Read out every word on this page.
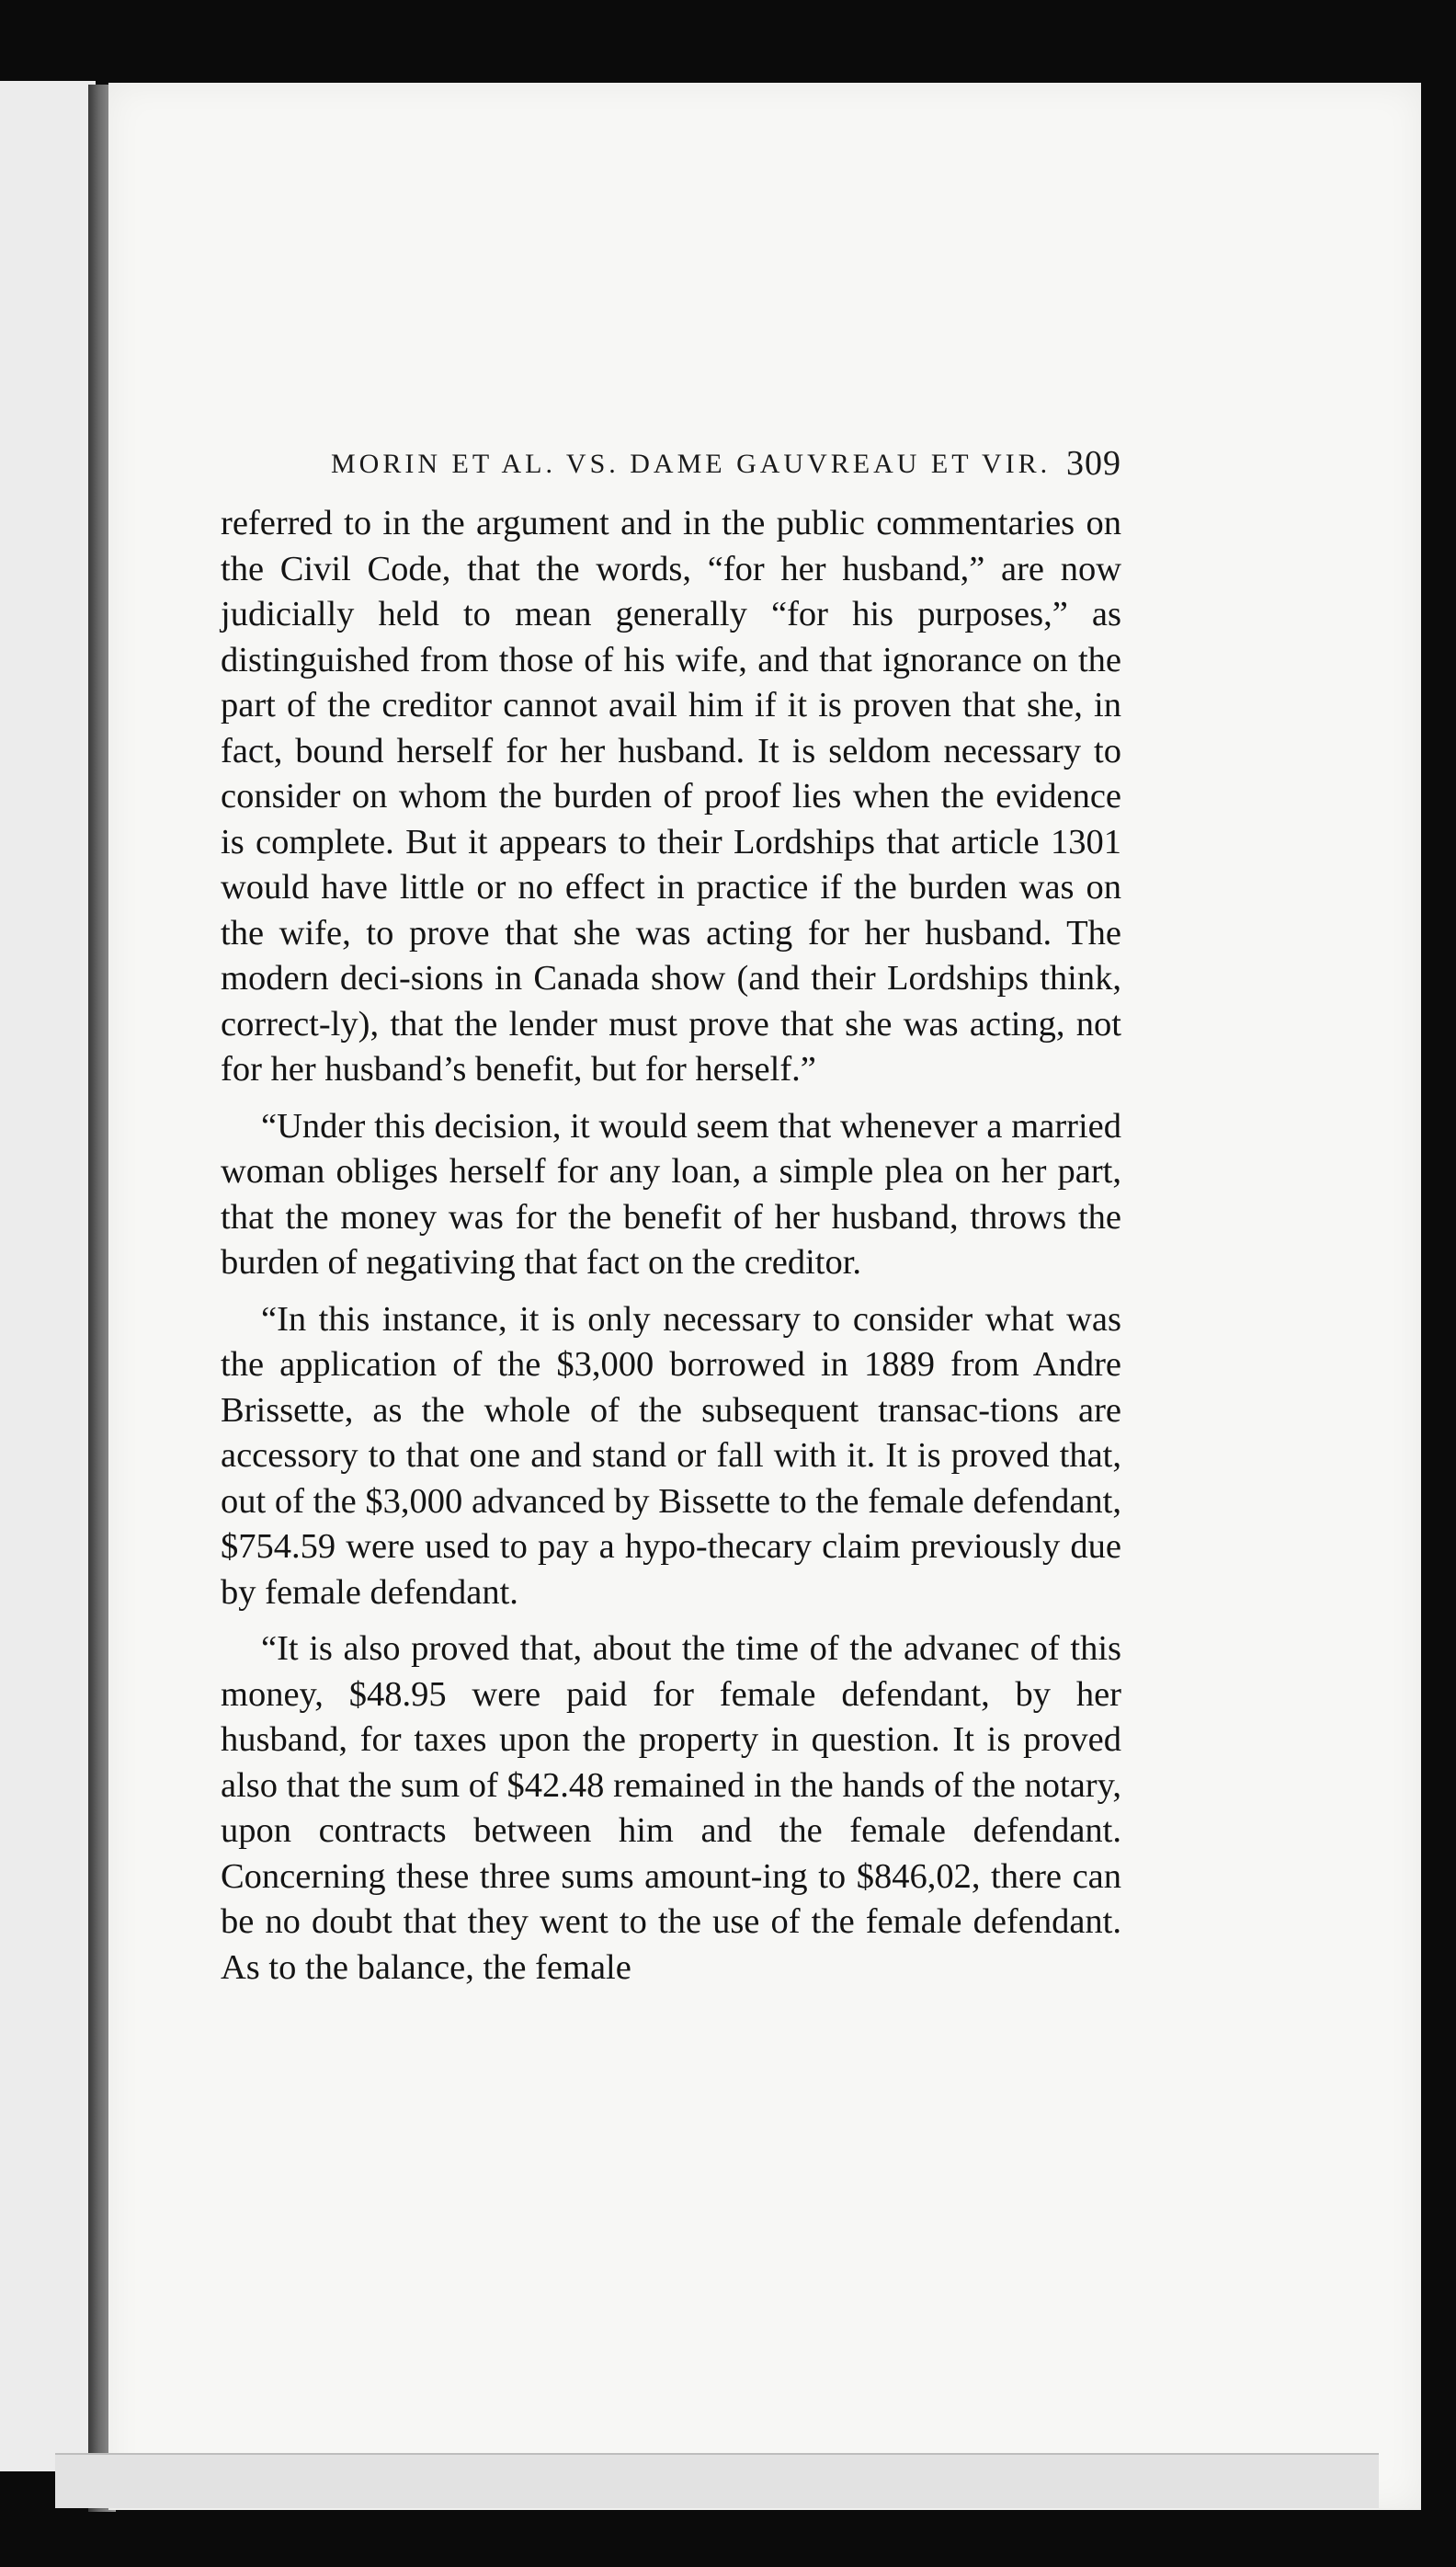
MORIN ET AL. VS. DAME GAUVREAU ET VIR. 309

referred to in the argument and in the public commentaries on the Civil Code, that the words, “for her husband,” are now judicially held to mean generally “for his purposes,” as distinguished from those of his wife, and that ignorance on the part of the creditor cannot avail him if it is proven that she, in fact, bound herself for her husband. It is seldom necessary to consider on whom the burden of proof lies when the evidence is complete. But it appears to their Lordships that article 1301 would have little or no effect in practice if the burden was on the wife, to prove that she was acting for her husband. The modern deci-sions in Canada show (and their Lordships think, correct-ly), that the lender must prove that she was acting, not for her husband’s benefit, but for herself.”

“Under this decision, it would seem that whenever a married woman obliges herself for any loan, a simple plea on her part, that the money was for the benefit of her husband, throws the burden of negativing that fact on the creditor.

“In this instance, it is only necessary to consider what was the application of the $3,000 borrowed in 1889 from Andre Brissette, as the whole of the subsequent transac-tions are accessory to that one and stand or fall with it. It is proved that, out of the $3,000 advanced by Bissette to the female defendant, $754.59 were used to pay a hypo-thecary claim previously due by female defendant.

“It is also proved that, about the time of the advanec of this money, $48.95 were paid for female defendant, by her husband, for taxes upon the property in question. It is proved also that the sum of $42.48 remained in the hands of the notary, upon contracts between him and the female defendant. Concerning these three sums amount-ing to $846,02, there can be no doubt that they went to the use of the female defendant. As to the balance, the female
